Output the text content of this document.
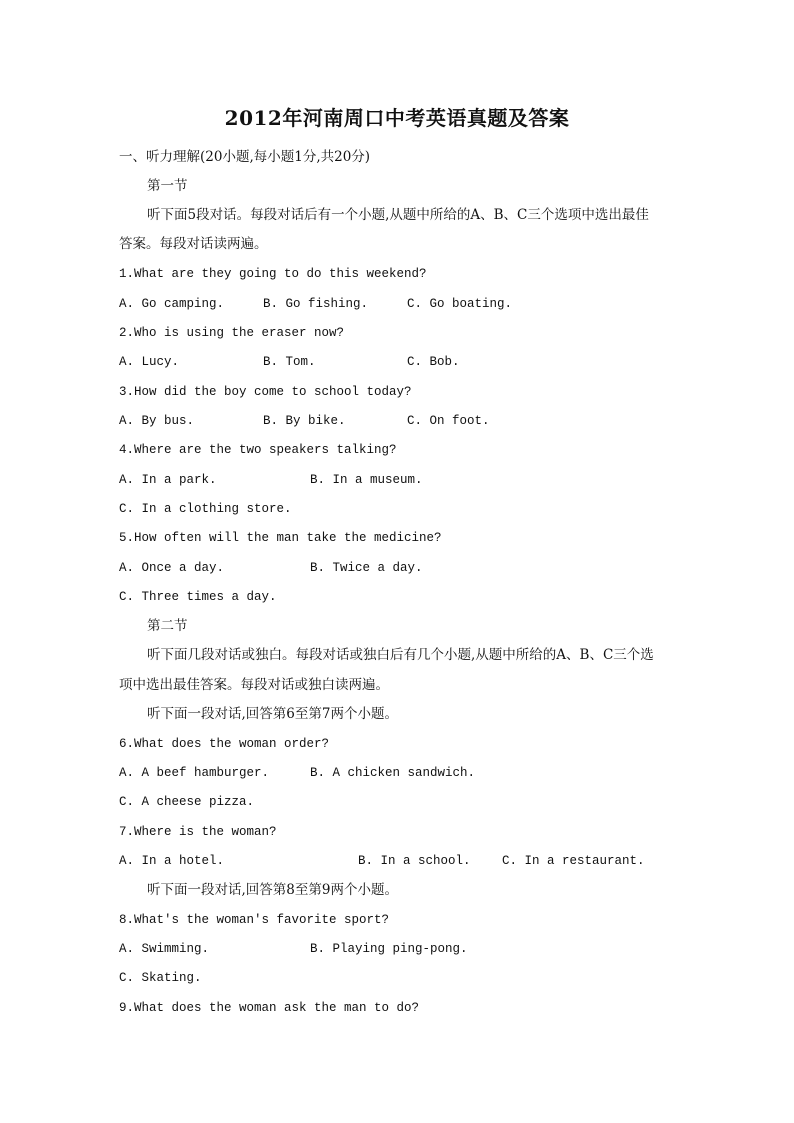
2012年河南周口中考英语真题及答案
一、听力理解(20小题,每小题1分,共20分)
第一节
听下面5段对话。每段对话后有一个小题,从题中所给的A、B、C三个选项中选出最佳
答案。每段对话读两遍。
1.What are they going to do this weekend?
A. Go camping.	B. Go fishing.	C. Go boating.
2.Who is using the eraser now?
A. Lucy.	B. Tom.	C. Bob.
3.How did the boy come to school today?
A. By bus.	B. By bike.	C. On foot.
4.Where are the two speakers talking?
A. In a park.	B. In a museum.
C. In a clothing store.
5.How often will the man take the medicine?
A. Once a day.	B. Twice a day.
C. Three times a day.
第二节
听下面几段对话或独白。每段对话或独白后有几个小题,从题中所给的A、B、C三个选
项中选出最佳答案。每段对话或独白读两遍。
听下面一段对话,回答第6至第7两个小题。
6.What does the woman order?
A. A beef hamburger.	B. A chicken sandwich.
C. A cheese pizza.
7.Where is the woman?
A. In a hotel.	B. In a school.	C. In a restaurant.
听下面一段对话,回答第8至第9两个小题。
8.What's the woman's favorite sport?
A. Swimming.	B. Playing ping-pong.
C. Skating.
9.What does the woman ask the man to do?
